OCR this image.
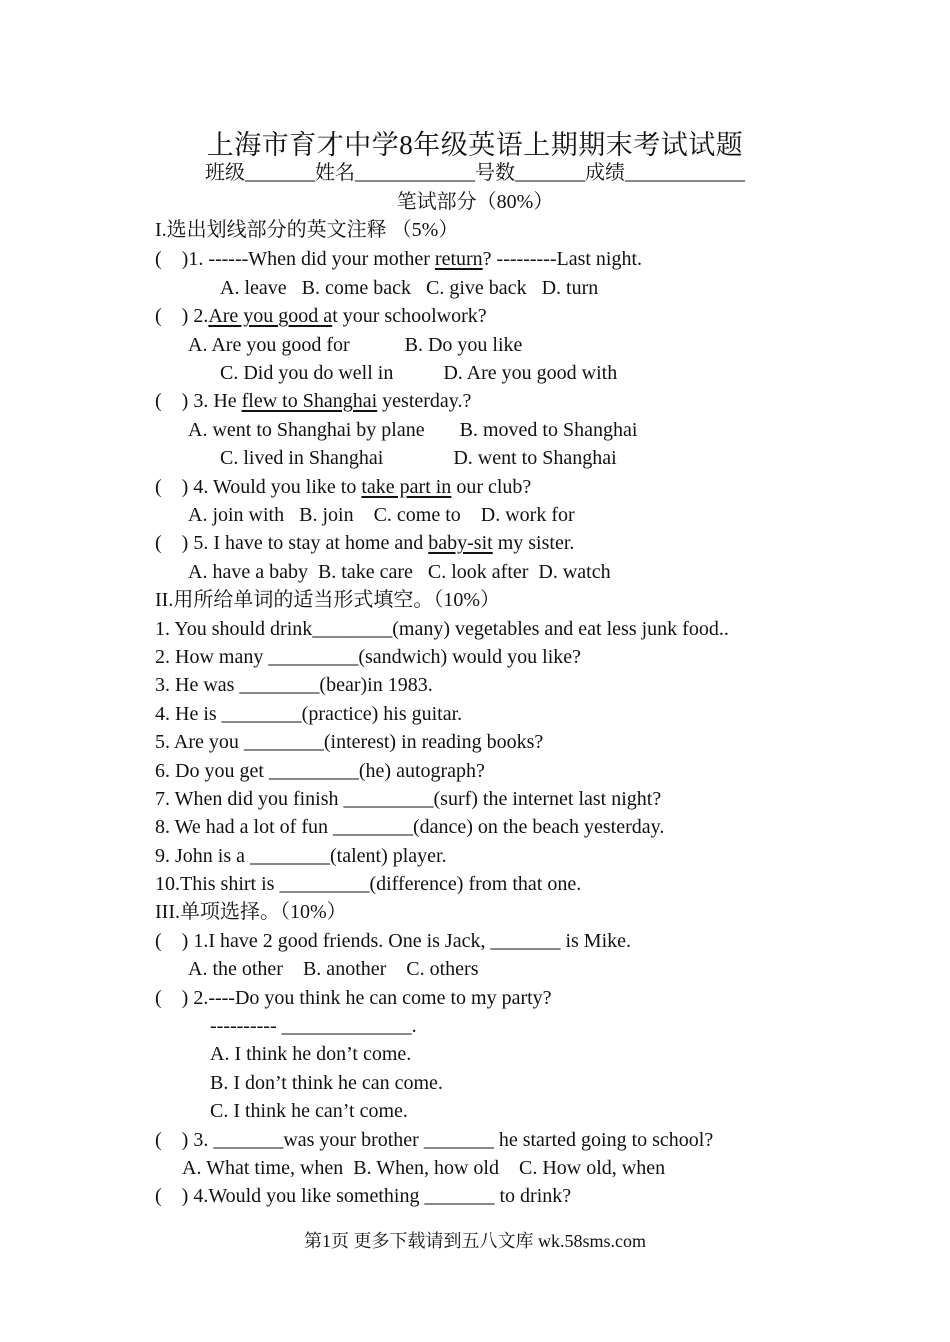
上海市育才中学8年级英语上期期末考试试题
班级_______姓名____________号数_______成绩____________
笔试部分（80%）
I.选出划线部分的英文注释 （5%）
(    )1. ------When did your mother return? ---------Last night.
A. leave   B. come back   C. give back   D. turn
(    ) 2.Are you good at your schoolwork?
A. Are you good for           B. Do you like
C. Did you do well in          D. Are you good with
(    ) 3. He flew to Shanghai yesterday.?
A. went to Shanghai by plane       B. moved to Shanghai
C. lived in Shanghai              D. went to Shanghai
(    ) 4. Would you like to take part in our club?
A. join with   B. join    C. come to    D. work for
(    ) 5. I have to stay at home and baby-sit my sister.
A. have a baby  B. take care   C. look after  D. watch
II.用所给单词的适当形式填空。（10%）
1. You should drink________(many) vegetables and eat less junk food..
2. How many _________(sandwich) would you like?
3. He was ________(bear)in 1983.
4. He is ________(practice) his guitar.
5. Are you ________(interest) in reading books?
6. Do you get _________(he) autograph?
7. When did you finish _________(surf) the internet last night?
8. We had a lot of fun ________(dance) on the beach yesterday.
9. John is a ________(talent) player.
10.This shirt is _________(difference) from that one.
III.单项选择。（10%）
(    ) 1.I have 2 good friends. One is Jack, _______ is Mike.
A. the other    B. another    C. others
(    ) 2.----Do you think he can come to my party?
---------- _____________.
A. I think he don’t come.
B. I don’t think he can come.
C. I think he can’t come.
(    ) 3. _______was your brother _______ he started going to school?
A. What time, when  B. When, how old    C. How old, when
(    ) 4.Would you like something _______ to drink?
第1页 更多下载请到五八文库 wk.58sms.com
